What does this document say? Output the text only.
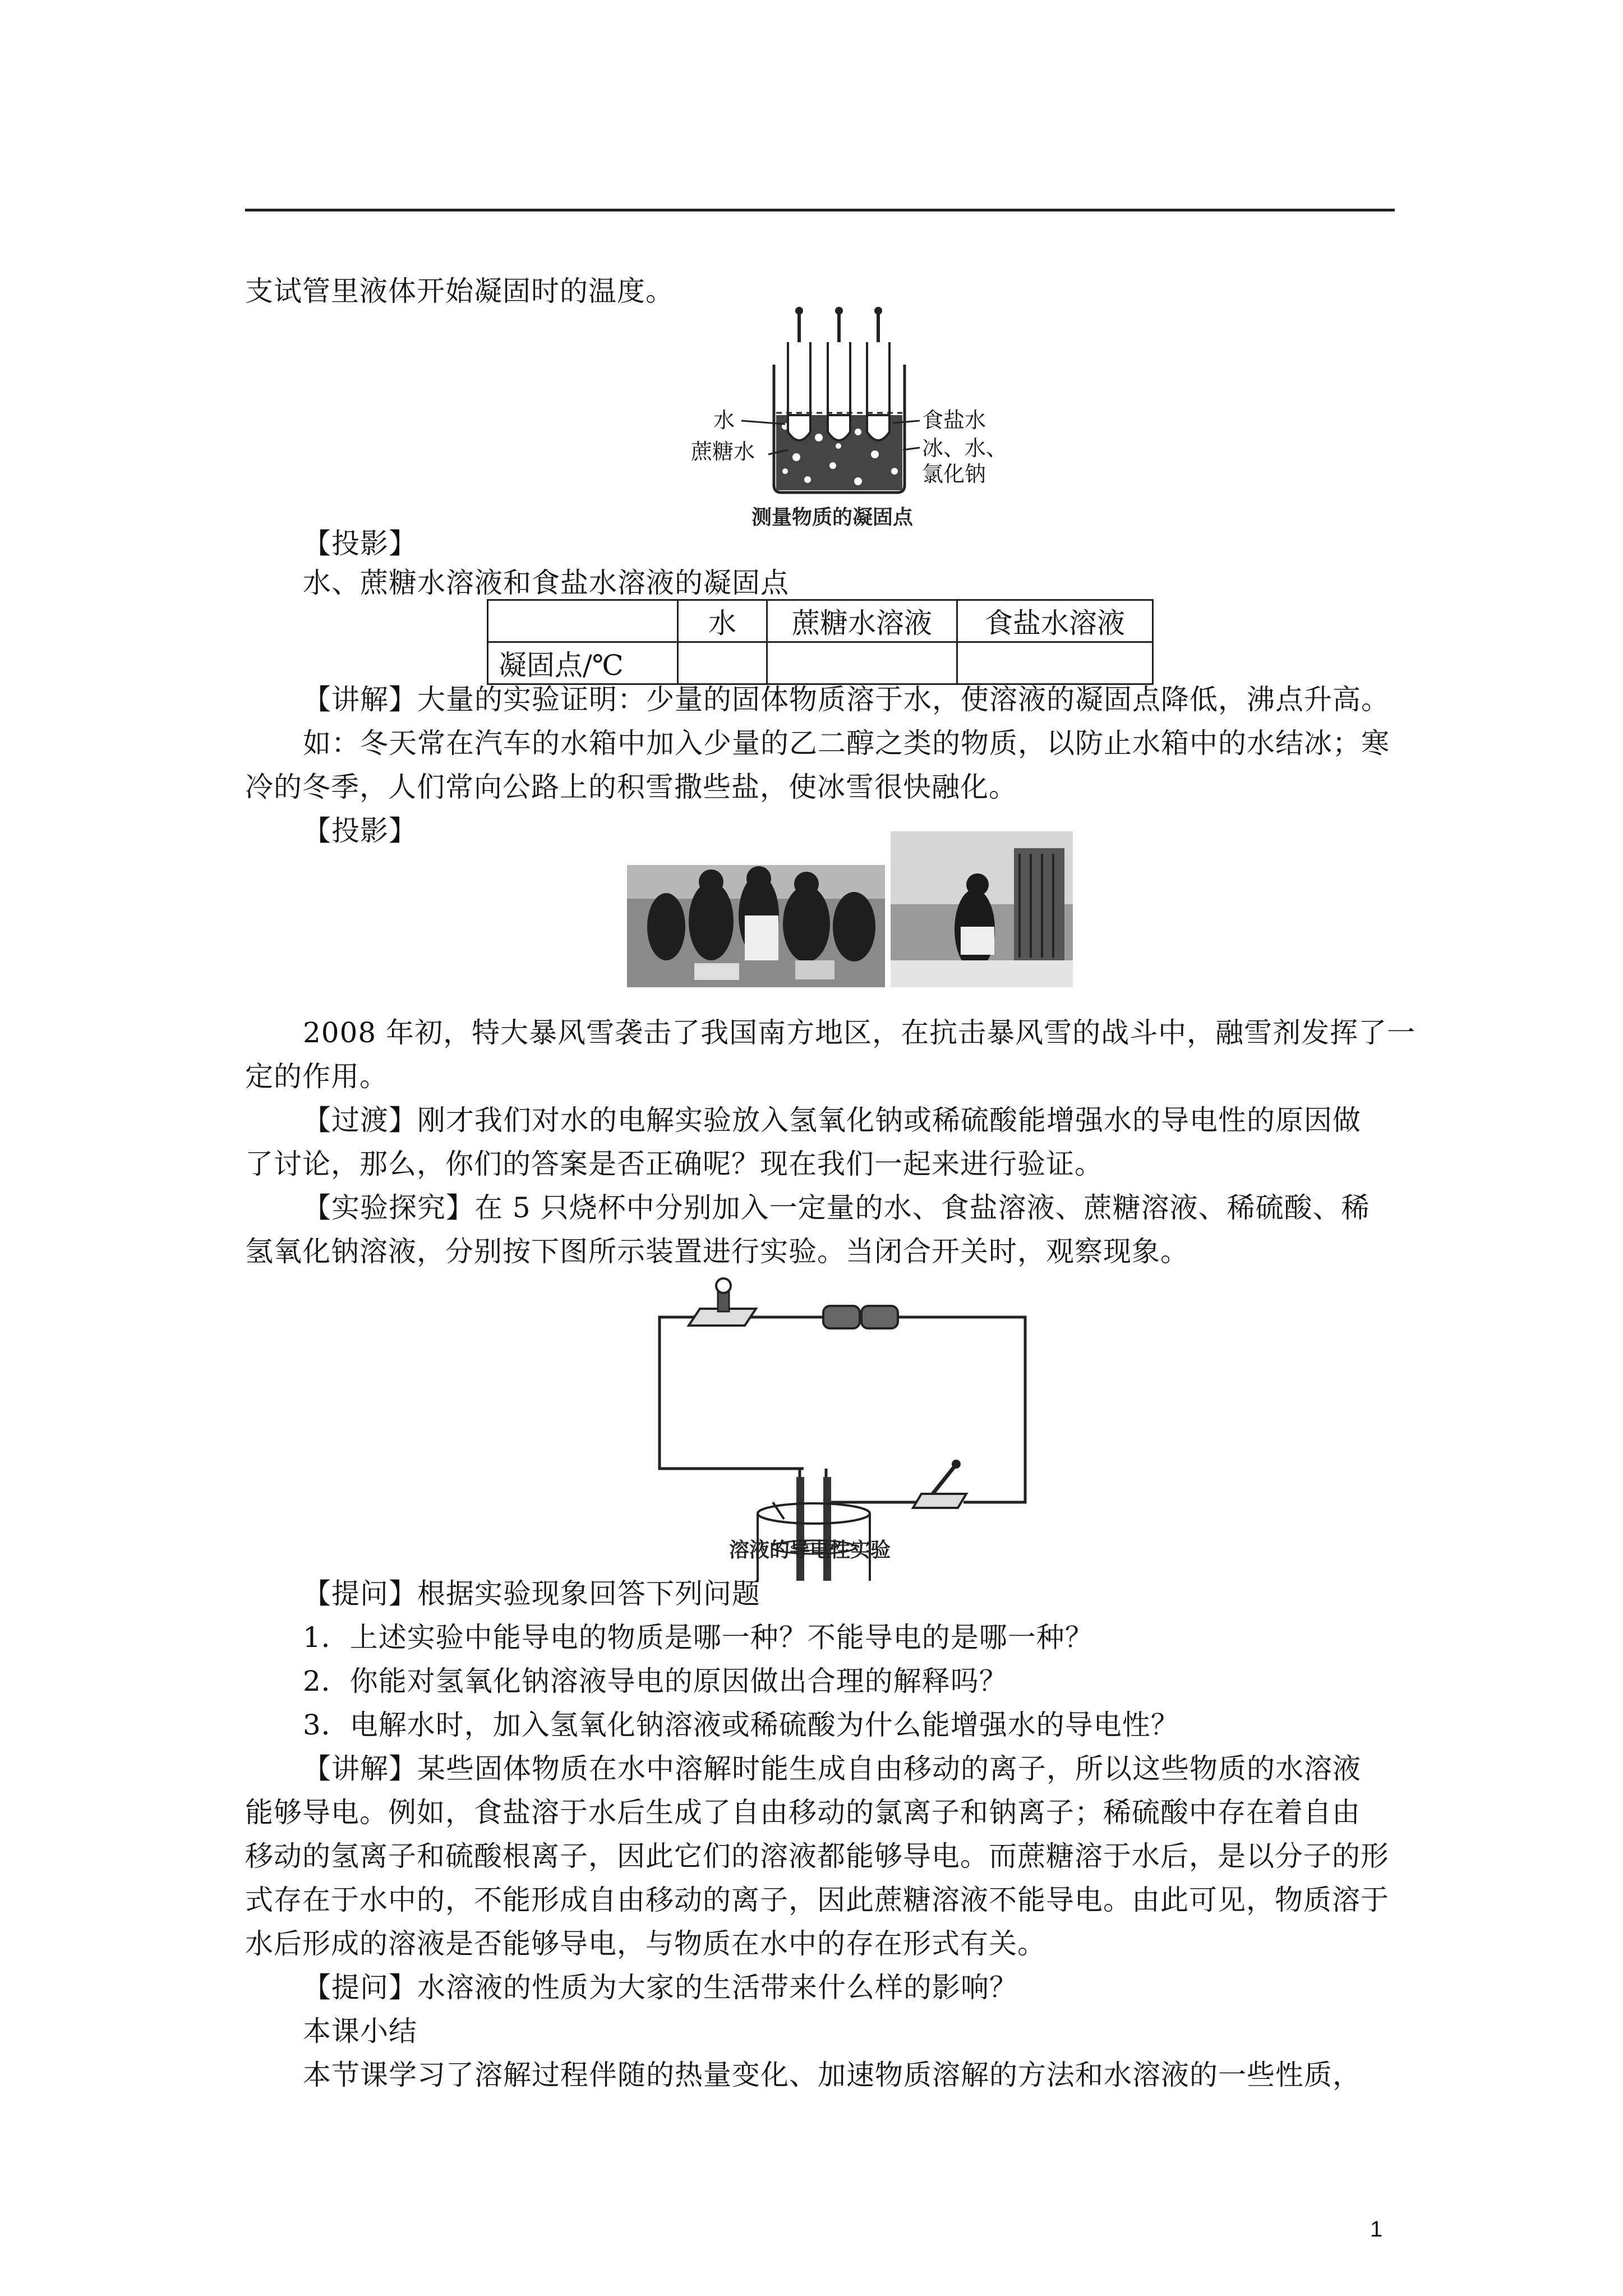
支试管里液体开始凝固时的温度。
水
蔗糖水
食盐水
冰、水、
氯化钠
测量物质的凝固点
【投影】
水、蔗糖水溶液和食盐水溶液的凝固点
	水	蔗糖水溶液	食盐水溶液
凝固点/℃			
【讲解】大量的实验证明：少量的固体物质溶于水，使溶液的凝固点降低，沸点升高。
如：冬天常在汽车的水箱中加入少量的乙二醇之类的物质，以防止水箱中的水结冰；寒
冷的冬季，人们常向公路上的积雪撒些盐，使冰雪很快融化。
【投影】
2008 年初，特大暴风雪袭击了我国南方地区，在抗击暴风雪的战斗中，融雪剂发挥了一
定的作用。
【过渡】刚才我们对水的电解实验放入氢氧化钠或稀硫酸能增强水的导电性的原因做
了讨论，那么，你们的答案是否正确呢？现在我们一起来进行验证。
【实验探究】在 5 只烧杯中分别加入一定量的水、食盐溶液、蔗糖溶液、稀硫酸、稀
氢氧化钠溶液，分别按下图所示装置进行实验。当闭合开关时，观察现象。
溶液的导电性实验
【提问】根据实验现象回答下列问题
1．上述实验中能导电的物质是哪一种？不能导电的是哪一种？
2．你能对氢氧化钠溶液导电的原因做出合理的解释吗？
3．电解水时，加入氢氧化钠溶液或稀硫酸为什么能增强水的导电性？
【讲解】某些固体物质在水中溶解时能生成自由移动的离子，所以这些物质的水溶液
能够导电。例如，食盐溶于水后生成了自由移动的氯离子和钠离子；稀硫酸中存在着自由
移动的氢离子和硫酸根离子，因此它们的溶液都能够导电。而蔗糖溶于水后，是以分子的形
式存在于水中的，不能形成自由移动的离子，因此蔗糖溶液不能导电。由此可见，物质溶于
水后形成的溶液是否能够导电，与物质在水中的存在形式有关。
【提问】水溶液的性质为大家的生活带来什么样的影响？
本课小结
本节课学习了溶解过程伴随的热量变化、加速物质溶解的方法和水溶液的一些性质，
1
